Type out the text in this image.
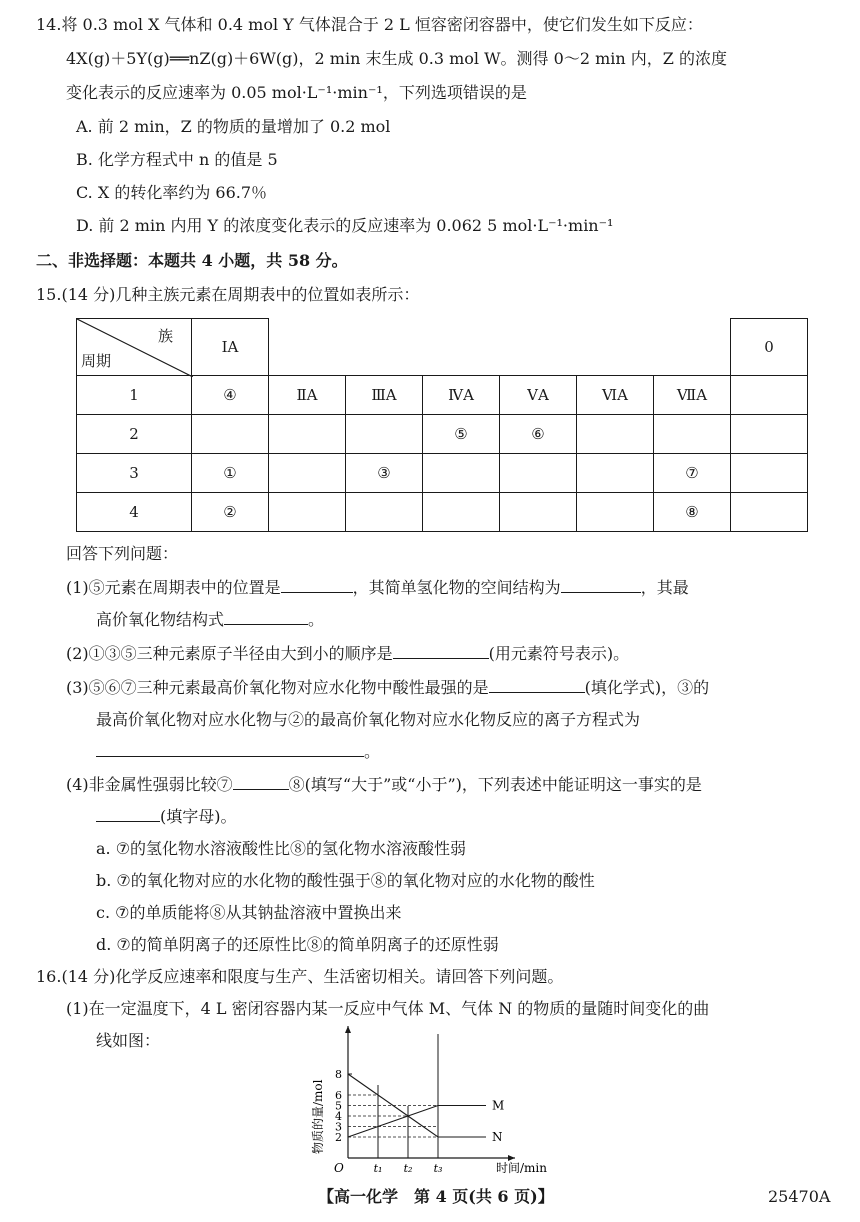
14.将 0.3 mol X 气体和 0.4 mol Y 气体混合于 2 L 恒容密闭容器中，使它们发生如下反应：
4X(g)＋5Y(g)══nZ(g)＋6W(g)，2 min 末生成 0.3 mol W。测得 0～2 min 内，Z 的浓度
变化表示的反应速率为 0.05 mol·L⁻¹·min⁻¹，下列选项错误的是
A. 前 2 min，Z 的物质的量增加了 0.2 mol
B. 化学方程式中 n 的值是 5
C. X 的转化率约为 66.7％
D. 前 2 min 内用 Y 的浓度变化表示的反应速率为 0.062 5 mol·L⁻¹·min⁻¹
二、非选择题：本题共 4 小题，共 58 分。
15.(14 分)几种主族元素在周期表中的位置如表所示：
族
周期	ⅠA							0
1	④	ⅡA	ⅢA	ⅣA	ⅤA	ⅥA	ⅦA	
2				⑤	⑥			
3	①		③				⑦	
4	②						⑧	
回答下列问题：
(1)⑤元素在周期表中的位置是	，其简单氢化物的空间结构为	，其最
高价氧化物结构式	。
(2)①③⑤三种元素原子半径由大到小的顺序是	(用元素符号表示)。
(3)⑤⑥⑦三种元素最高价氧化物对应水化物中酸性最强的是	(填化学式)，③的
最高价氧化物对应水化物与②的最高价氧化物对应水化物反应的离子方程式为
。
(4)非金属性强弱比较⑦	⑧(填写“大于”或“小于”)，下列表述中能证明这一事实的是
(填字母)。
a. ⑦的氢化物水溶液酸性比⑧的氢化物水溶液酸性弱
b. ⑦的氧化物对应的水化物的酸性强于⑧的氧化物对应的水化物的酸性
c. ⑦的单质能将⑧从其钠盐溶液中置换出来
d. ⑦的简单阴离子的还原性比⑧的简单阴离子的还原性弱
16.(14 分)化学反应速率和限度与生产、生活密切相关。请回答下列问题。
(1)在一定温度下，4 L 密闭容器内某一反应中气体 M、气体 N 的物质的量随时间变化的曲
线如图：
2
3
4
5
6
8
t₁ t₂ t₃
M
N
O	时间/min
物质的量/mol
【高一化学　第 4 页(共 6 页)】	25470A
